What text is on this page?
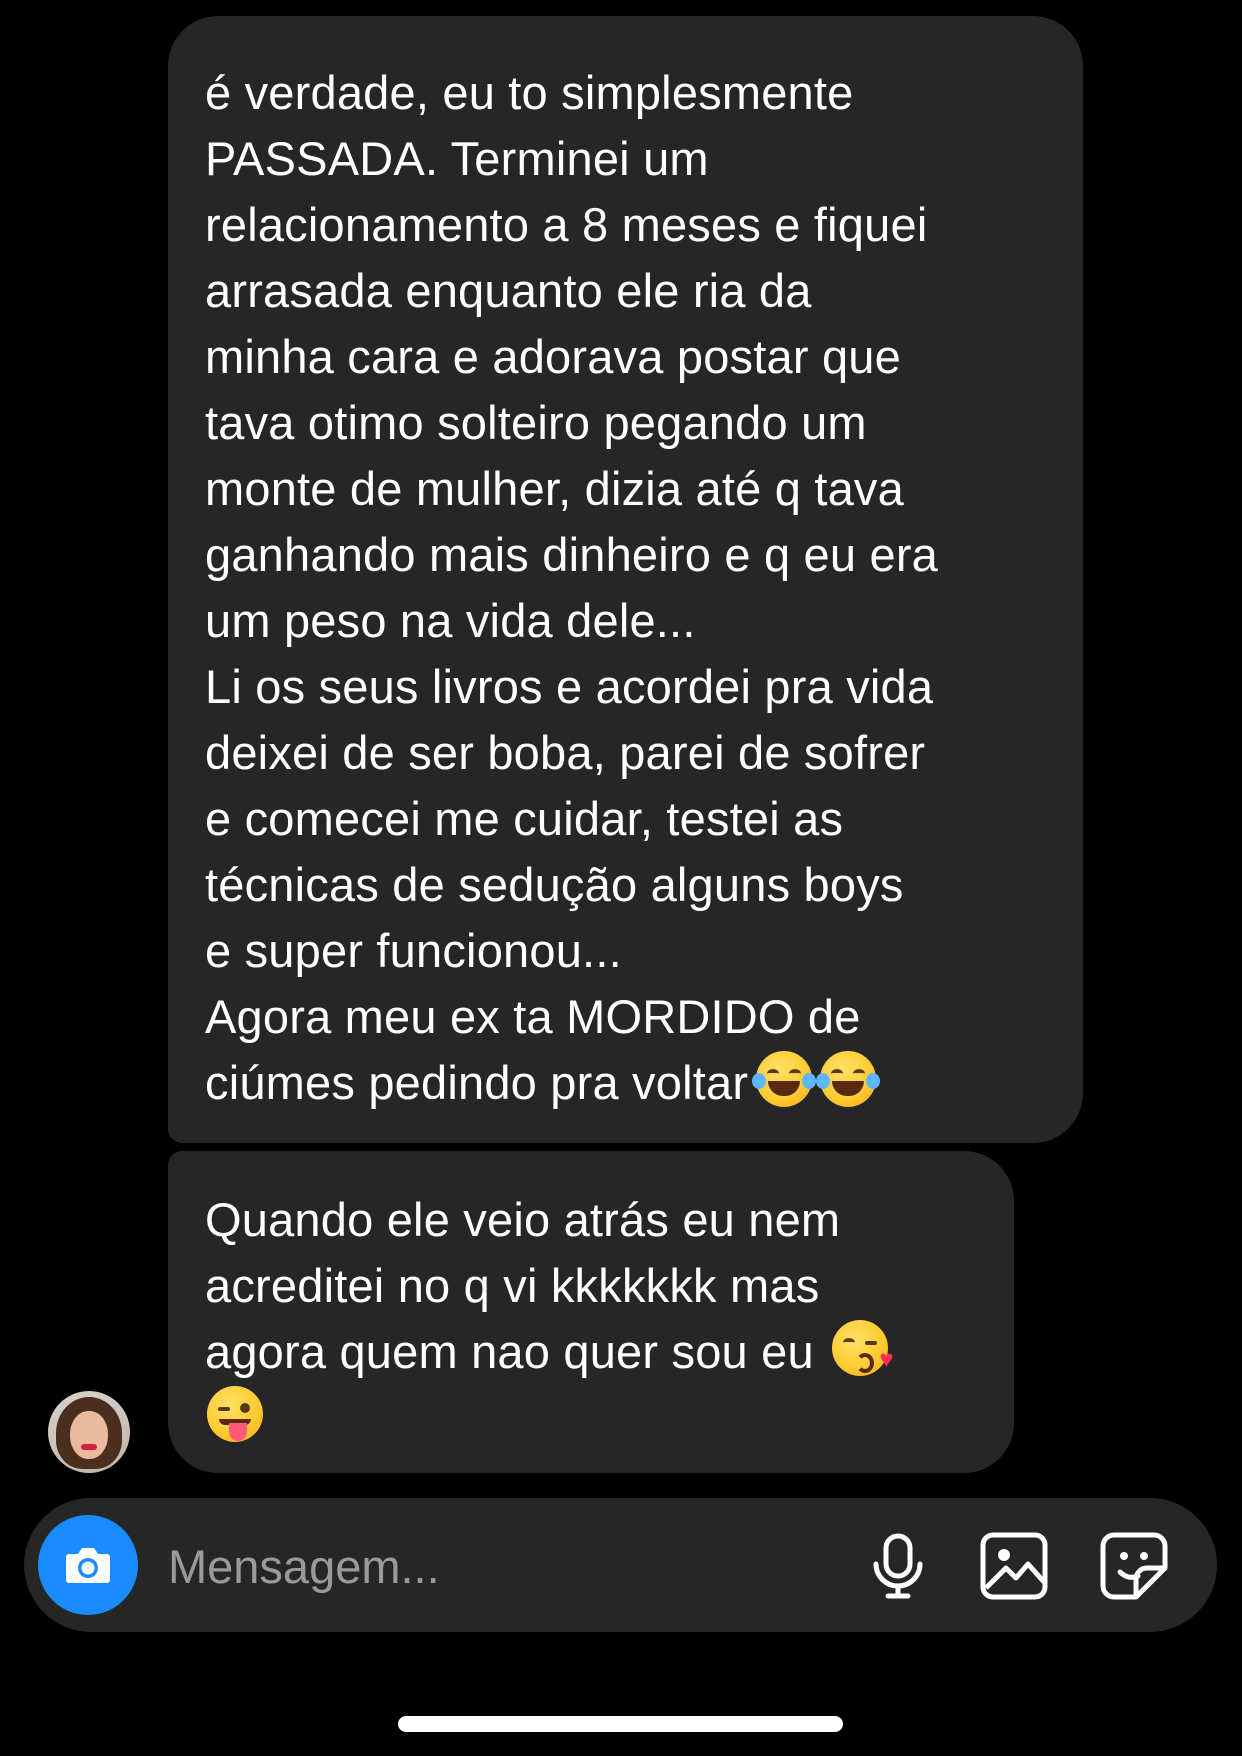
é verdade, eu to simplesmente
PASSADA. Terminei um
relacionamento a 8 meses e fiquei
arrasada enquanto ele ria da
minha cara e adorava postar que
tava otimo solteiro pegando um
monte de mulher, dizia até q tava
ganhando mais dinheiro e q eu era
um peso na vida dele...

Li os seus livros e acordei pra vida
deixei de ser boba, parei de sofrer
e comecei me cuidar, testei as
técnicas de sedução alguns boys
e super funcionou...

Agora meu ex ta MORDIDO de
ciúmes pedindo pra voltar

Quando ele veio atrás eu nem
acreditei no q vi kkkkkkk mas
agora quem nao quer sou eu	♥

Mensagem...
